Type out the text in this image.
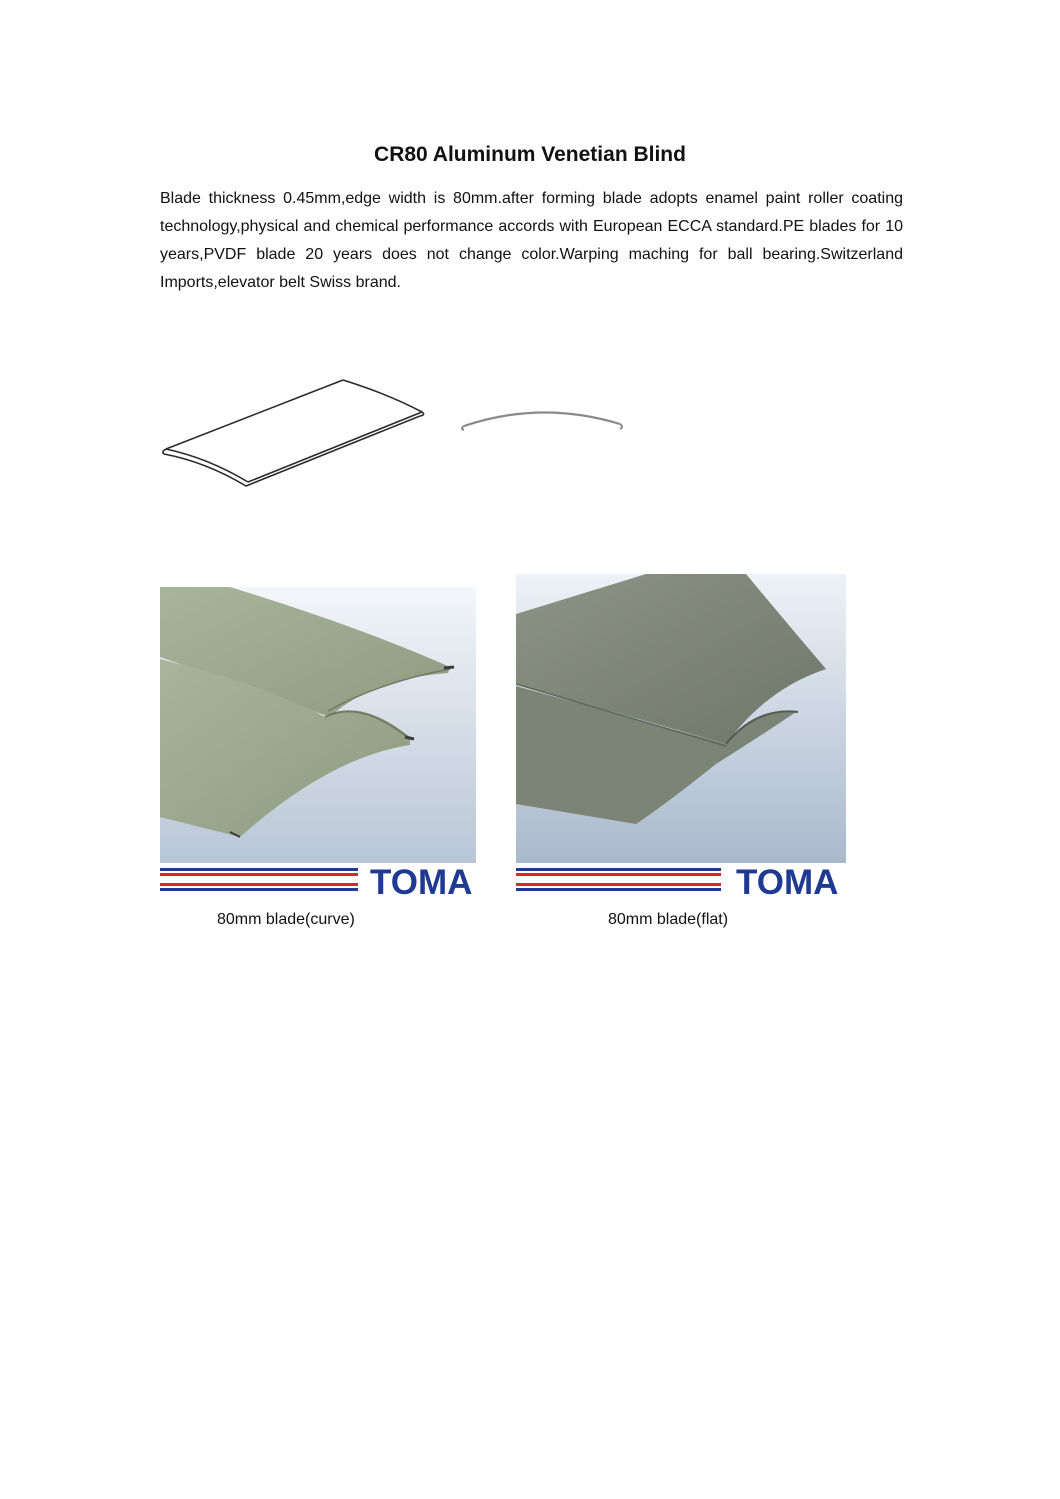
CR80 Aluminum Venetian Blind

Blade thickness 0.45mm,edge width is 80mm.after forming blade adopts enamel paint roller coating technology,physical and chemical performance accords with European ECCA standard.PE blades for 10 years,PVDF blade 20 years does not change color.Warping maching for ball bearing.Switzerland Imports,elevator belt Swiss brand.

TOMA	TOMA

80mm blade(curve)	80mm blade(flat)
